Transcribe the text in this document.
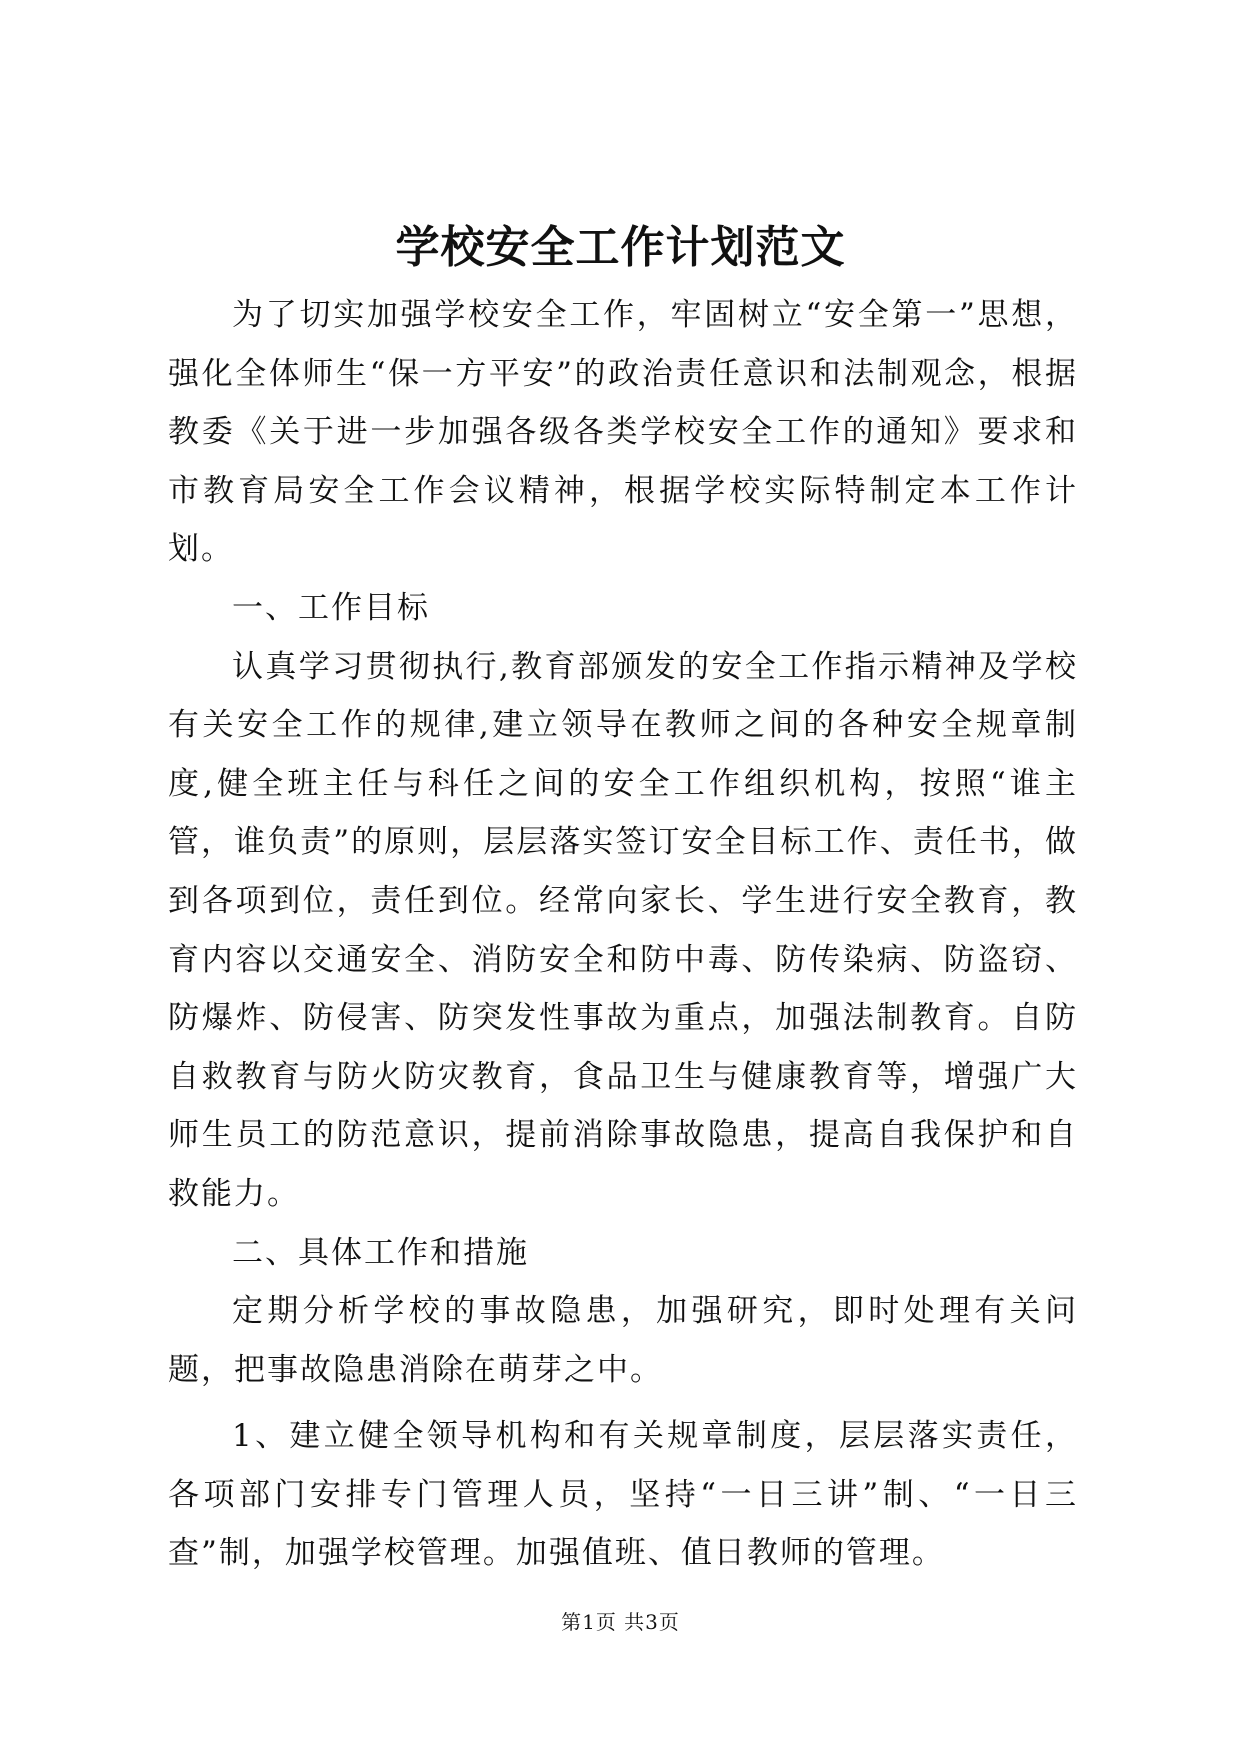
学校安全工作计划范文

为了切实加强学校安全工作，牢固树立“安全第一”思想，强化全体师生“保一方平安”的政治责任意识和法制观念，根据教委《关于进一步加强各级各类学校安全工作的通知》要求和市教育局安全工作会议精神，根据学校实际特制定本工作计划。

一、工作目标

认真学习贯彻执行,教育部颁发的安全工作指示精神及学校有关安全工作的规律,建立领导在教师之间的各种安全规章制度,健全班主任与科任之间的安全工作组织机构，按照“谁主管，谁负责”的原则，层层落实签订安全目标工作、责任书，做到各项到位，责任到位。经常向家长、学生进行安全教育，教育内容以交通安全、消防安全和防中毒、防传染病、防盗窃、防爆炸、防侵害、防突发性事故为重点，加强法制教育。自防自救教育与防火防灾教育，食品卫生与健康教育等，增强广大师生员工的防范意识，提前消除事故隐患，提高自我保护和自救能力。

二、具体工作和措施

定期分析学校的事故隐患，加强研究，即时处理有关问题，把事故隐患消除在萌芽之中。

1、建立健全领导机构和有关规章制度，层层落实责任，各项部门安排专门管理人员，坚持“一日三讲”制、“一日三查”制，加强学校管理。加强值班、值日教师的管理。

第1页 共3页
